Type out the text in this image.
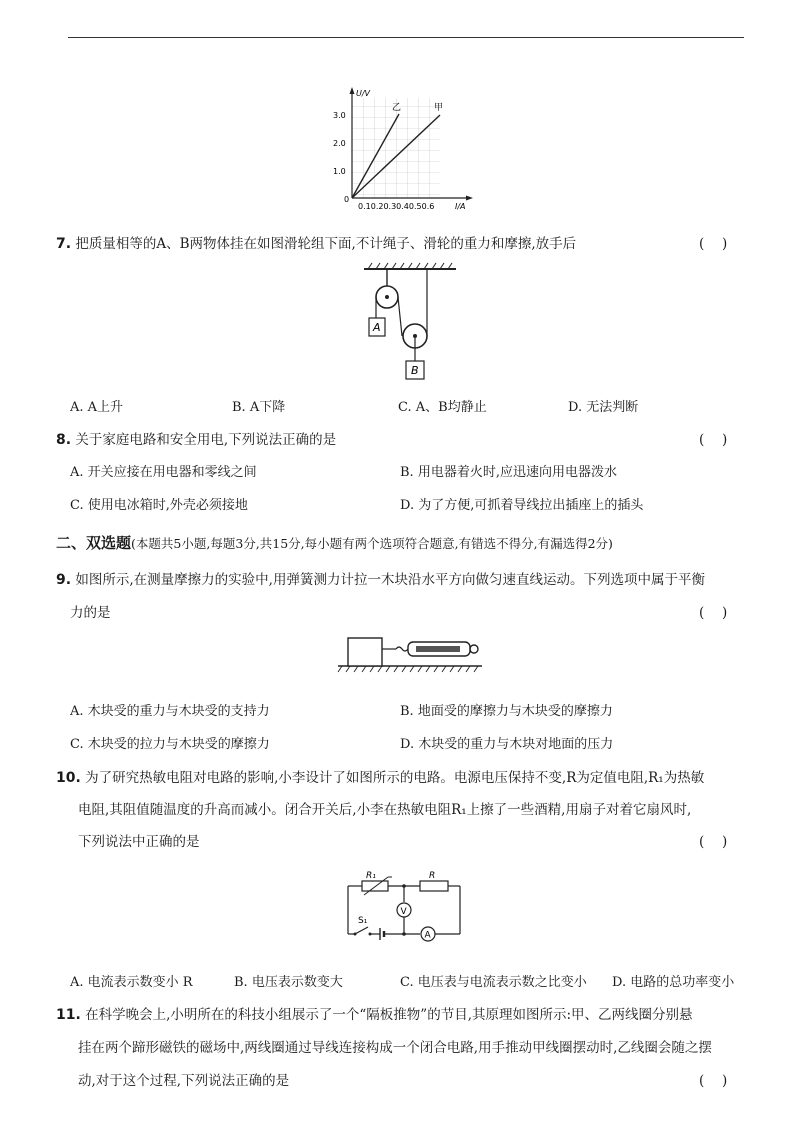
U/V
3.0
2.0
1.0
0
0.10.20.30.40.50.6	I/A
乙	甲
7. 把质量相等的A、B两物体挂在如图滑轮组下面,不计绳子、滑轮的重力和摩擦,放手后	(　 )
A
B
A. A上升	B. A下降	C. A、B均静止	D. 无法判断
8. 关于家庭电路和安全用电,下列说法正确的是	(　 )
A. 开关应接在用电器和零线之间	B. 用电器着火时,应迅速向用电器泼水
C. 使用电冰箱时,外壳必须接地	D. 为了方便,可抓着导线拉出插座上的插头
二、双选题(本题共5小题,每题3分,共15分,每小题有两个选项符合题意,有错选不得分,有漏选得2分)
9. 如图所示,在测量摩擦力的实验中,用弹簧测力计拉一木块沿水平方向做匀速直线运动。下列选项中属于平衡
力的是	(　 )
A. 木块受的重力与木块受的支持力	B. 地面受的摩擦力与木块受的摩擦力
C. 木块受的拉力与木块受的摩擦力	D. 木块受的重力与木块对地面的压力
10. 为了研究热敏电阻对电路的影响,小李设计了如图所示的电路。电源电压保持不变,R为定值电阻,R₁为热敏
电阻,其阻值随温度的升高而减小。闭合开关后,小李在热敏电阻R₁上擦了一些酒精,用扇子对着它扇风时,
下列说法中正确的是	(　 )
V
A
R₁	R
S₁
A. 电流表示数变小 R	B. 电压表示数变大	C. 电压表与电流表示数之比变小 D. 电路的总功率变小
11. 在科学晚会上,小明所在的科技小组展示了一个“隔板推物”的节目,其原理如图所示:甲、乙两线圈分别悬
挂在两个蹄形磁铁的磁场中,两线圈通过导线连接构成一个闭合电路,用手推动甲线圈摆动时,乙线圈会随之摆
动,对于这个过程,下列说法正确的是	(　 )
